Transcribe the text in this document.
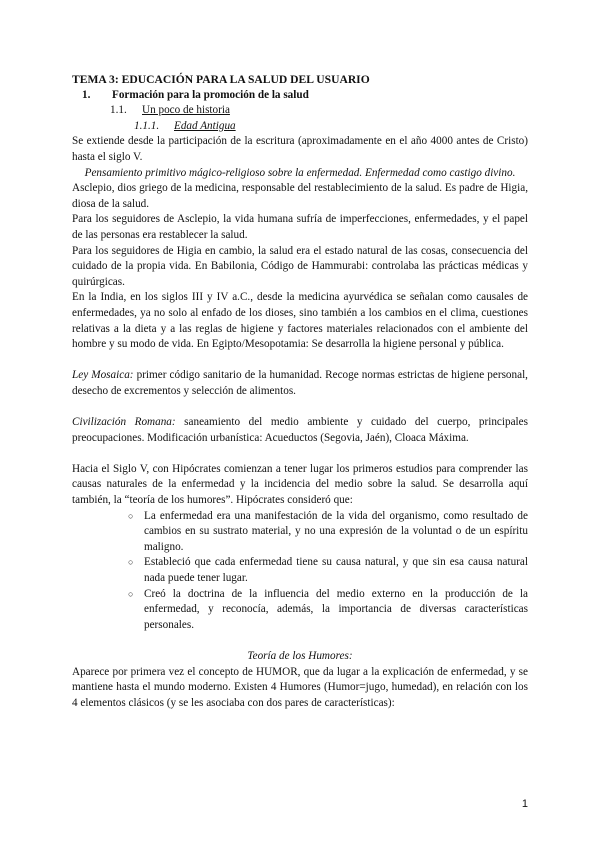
TEMA 3: EDUCACIÓN PARA LA SALUD DEL USUARIO

1. Formación para la promoción de la salud

1.1. Un poco de historia

1.1.1. Edad Antigua

Se extiende desde la participación de la escritura (aproximadamente en el año 4000 antes de Cristo) hasta el siglo V.

Pensamiento primitivo mágico-religioso sobre la enfermedad. Enfermedad como castigo divino.

Asclepio, dios griego de la medicina, responsable del restablecimiento de la salud. Es padre de Higia, diosa de la salud.

Para los seguidores de Asclepio, la vida humana sufría de imperfecciones, enfermedades, y el papel de las personas era restablecer la salud.

Para los seguidores de Higia en cambio, la salud era el estado natural de las cosas, consecuencia del cuidado de la propia vida. En Babilonia, Código de Hammurabi: controlaba las prácticas médicas y quirúrgicas.

En la India, en los siglos III y IV a.C., desde la medicina ayurvédica se señalan como causales de enfermedades, ya no solo al enfado de los dioses, sino también a los cambios en el clima, cuestiones relativas a la dieta y a las reglas de higiene y factores materiales relacionados con el ambiente del hombre y su modo de vida. En Egipto/Mesopotamia: Se desarrolla la higiene personal y pública.

Ley Mosaica: primer código sanitario de la humanidad. Recoge normas estrictas de higiene personal, desecho de excrementos y selección de alimentos.

Civilización Romana: saneamiento del medio ambiente y cuidado del cuerpo, principales preocupaciones. Modificación urbanística: Acueductos (Segovia, Jaén), Cloaca Máxima.

Hacia el Siglo V, con Hipócrates comienzan a tener lugar los primeros estudios para comprender las causas naturales de la enfermedad y la incidencia del medio sobre la salud. Se desarrolla aquí también, la “teoría de los humores”. Hipócrates consideró que:

○ La enfermedad era una manifestación de la vida del organismo, como resultado de cambios en su sustrato material, y no una expresión de la voluntad o de un espíritu maligno.
○ Estableció que cada enfermedad tiene su causa natural, y que sin esa causa natural nada puede tener lugar.
○ Creó la doctrina de la influencia del medio externo en la producción de la enfermedad, y reconocía, además, la importancia de diversas características personales.

Teoría de los Humores:

Aparece por primera vez el concepto de HUMOR, que da lugar a la explicación de enfermedad, y se mantiene hasta el mundo moderno. Existen 4 Humores (Humor=jugo, humedad), en relación con los 4 elementos clásicos (y se les asociaba con dos pares de características):

1
